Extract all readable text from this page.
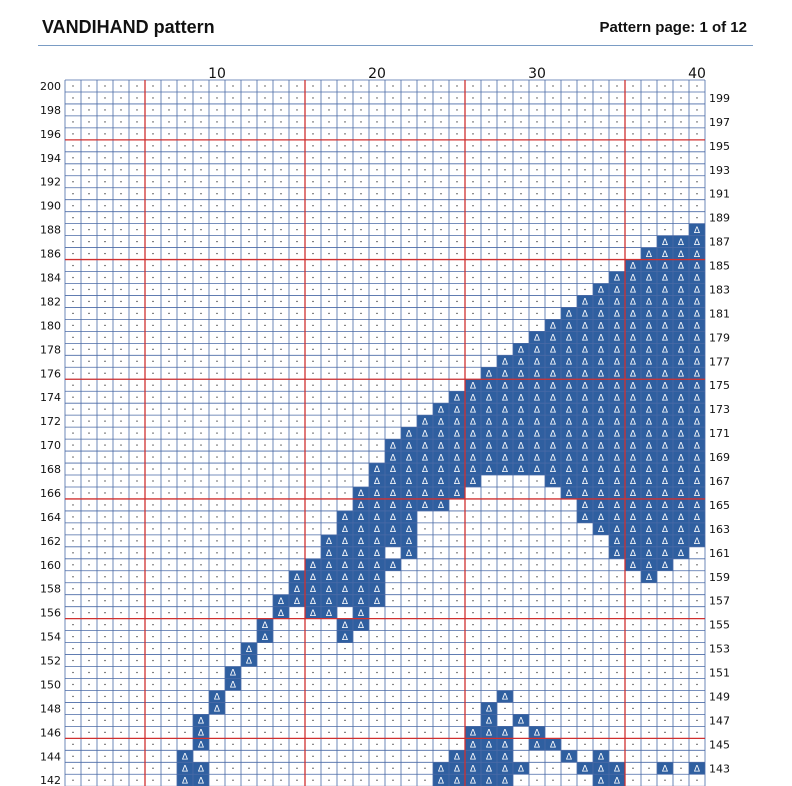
VANDIHAND pattern	Pattern page: 1 of 12
Δ Δ	Δ Δ Δ Δ Δ	Δ Δ
Δ Δ	Δ Δ Δ Δ Δ Δ	Δ Δ Δ	Δ	Δ
Δ	Δ Δ Δ Δ	Δ	Δ
Δ	Δ Δ Δ	Δ Δ
Δ	Δ Δ Δ	Δ
Δ	Δ	Δ
Δ	Δ
Δ	Δ
Δ
Δ
Δ
Δ
Δ	Δ
Δ	Δ Δ
Δ	Δ Δ	Δ
Δ Δ Δ Δ Δ Δ Δ
Δ Δ Δ Δ Δ Δ
Δ Δ Δ Δ Δ Δ	Δ
Δ Δ Δ Δ Δ Δ	Δ Δ Δ
Δ Δ Δ Δ	Δ	Δ Δ Δ Δ Δ
Δ Δ Δ Δ Δ Δ	Δ Δ Δ Δ Δ Δ
Δ Δ Δ Δ Δ	Δ Δ Δ Δ Δ Δ Δ
Δ Δ Δ Δ Δ	Δ Δ Δ Δ Δ Δ Δ Δ
Δ Δ Δ Δ Δ Δ	Δ Δ Δ Δ Δ Δ Δ Δ
Δ Δ Δ Δ Δ Δ Δ	Δ Δ Δ Δ Δ Δ Δ Δ Δ
Δ Δ Δ Δ Δ Δ Δ	Δ Δ Δ Δ Δ Δ Δ Δ Δ Δ
Δ Δ Δ Δ Δ Δ Δ Δ Δ Δ Δ Δ Δ Δ Δ Δ Δ Δ Δ Δ Δ
Δ Δ Δ Δ Δ Δ Δ Δ Δ Δ Δ Δ Δ Δ Δ Δ Δ Δ Δ Δ
Δ Δ Δ Δ Δ Δ Δ Δ Δ Δ Δ Δ Δ Δ Δ Δ Δ Δ Δ Δ
Δ Δ Δ Δ Δ Δ Δ Δ Δ Δ Δ Δ Δ Δ Δ Δ Δ Δ Δ
Δ Δ Δ Δ Δ Δ Δ Δ Δ Δ Δ Δ Δ Δ Δ Δ Δ Δ
Δ Δ Δ Δ Δ Δ Δ Δ Δ Δ Δ Δ Δ Δ Δ Δ Δ
Δ Δ Δ Δ Δ Δ Δ Δ Δ Δ Δ Δ Δ Δ Δ Δ
Δ Δ Δ Δ Δ Δ Δ Δ Δ Δ Δ Δ Δ Δ Δ
Δ Δ Δ Δ Δ Δ Δ Δ Δ Δ Δ Δ Δ Δ
Δ Δ Δ Δ Δ Δ Δ Δ Δ Δ Δ Δ Δ
Δ Δ Δ Δ Δ Δ Δ Δ Δ Δ Δ Δ
Δ Δ Δ Δ Δ Δ Δ Δ Δ Δ Δ
Δ Δ Δ Δ Δ Δ Δ Δ Δ Δ
Δ Δ Δ Δ Δ Δ Δ Δ Δ
Δ Δ Δ Δ Δ Δ Δ Δ
Δ Δ Δ Δ Δ Δ Δ
Δ Δ Δ Δ Δ Δ
Δ Δ Δ Δ Δ
Δ Δ Δ Δ
Δ Δ Δ
Δ
10	20	30	40
200
198
196
194
192
190
188
186
184
182
180
178
176
174
172
170
168
166
164
162
160
158
156
154
152
150
148
146
144
142
199
197
195
193
191
189
187
185
183
181
179
177
175
173
171
169
167
165
163
161
159
157
155
153
151
149
147
145
143
